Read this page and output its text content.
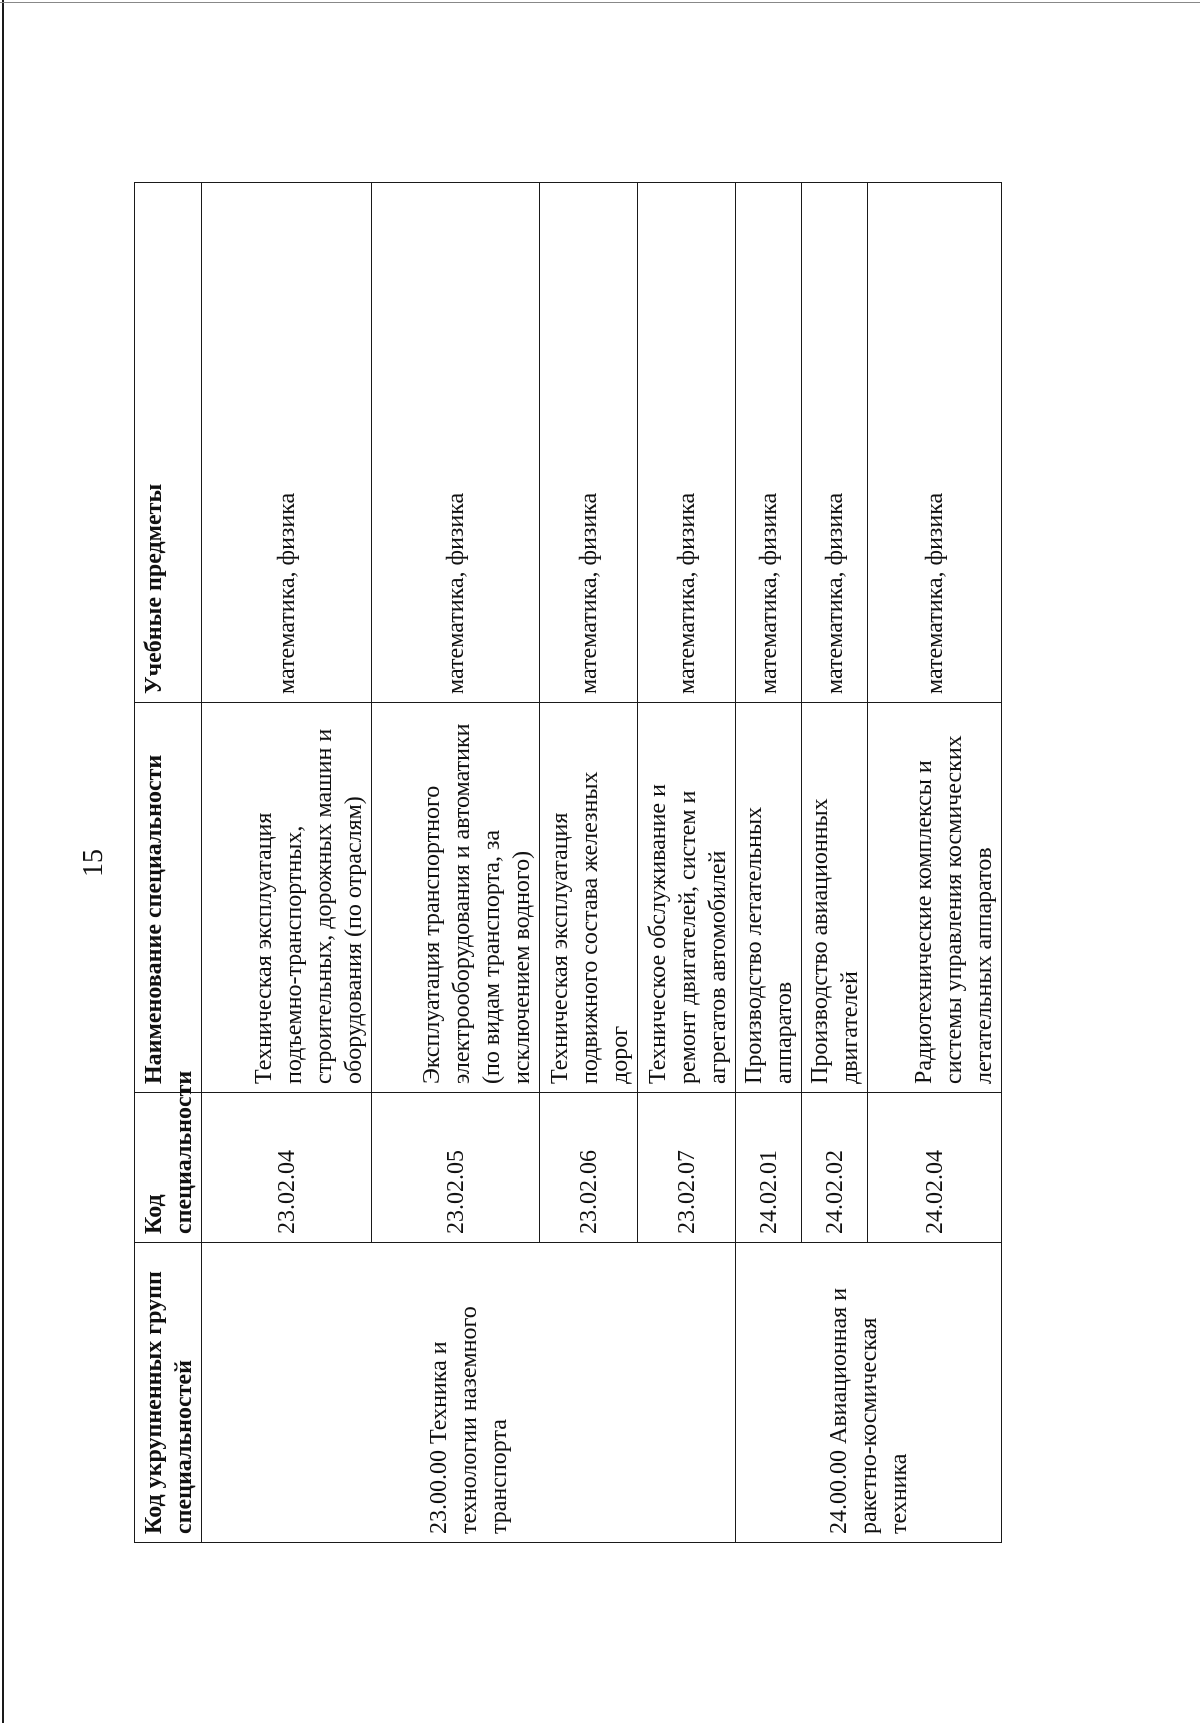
15
Код укрупненных групп специальностей	Код специальности	Наименование специальности	Учебные предметы
23.00.00 Техника и технологии наземного транспорта	23.02.04	Техническая эксплуатация подъемно-транспортных, строительных, дорожных машин и оборудования (по отраслям)	математика, физика
	23.02.05	Эксплуатация транспортного электрооборудования и автоматики (по видам транспорта, за исключением водного)	математика, физика
	23.02.06	Техническая эксплуатация подвижного состава железных дорог	математика, физика
	23.02.07	Техническое обслуживание и ремонт двигателей, систем и агрегатов автомобилей	математика, физика
24.00.00 Авиационная и ракетно-космическая техника	24.02.01	Производство летательных аппаратов	математика, физика
	24.02.02	Производство авиационных двигателей	математика, физика
	24.02.04	Радиотехнические комплексы и системы управления космических летательных аппаратов	математика, физика
